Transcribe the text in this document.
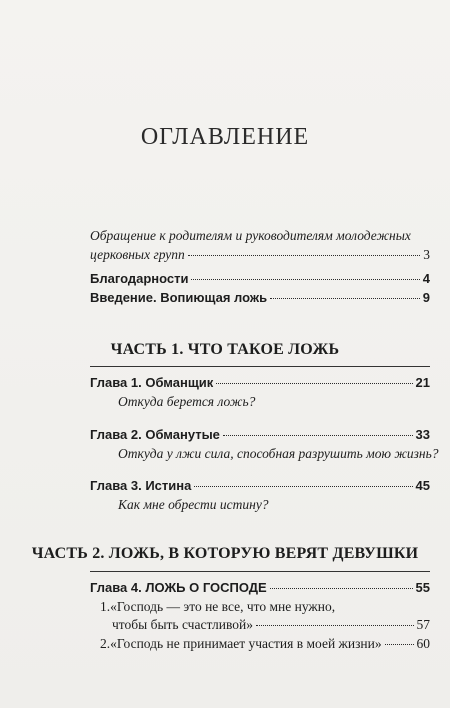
ОГЛАВЛЕНИЕ
Обращение к родителям и руководителям молодежных
церковных групп	3
Благодарности	4
Введение. Вопиющая ложь	9
ЧАСТЬ 1. ЧТО ТАКОЕ ЛОЖЬ
Глава 1. Обманщик	21
Откуда берется ложь?
Глава 2. Обманутые	33
Откуда у лжи сила, способная разрушить мою жизнь?
Глава 3. Истина	45
Как мне обрести истину?
ЧАСТЬ 2. ЛОЖЬ, В КОТОРУЮ ВЕРЯТ ДЕВУШКИ
Глава 4. ЛОЖЬ О ГОСПОДЕ	55
1.«Господь — это не все, что мне нужно,
чтобы быть счастливой»	57
2.«Господь не принимает участия в моей жизни»	60
